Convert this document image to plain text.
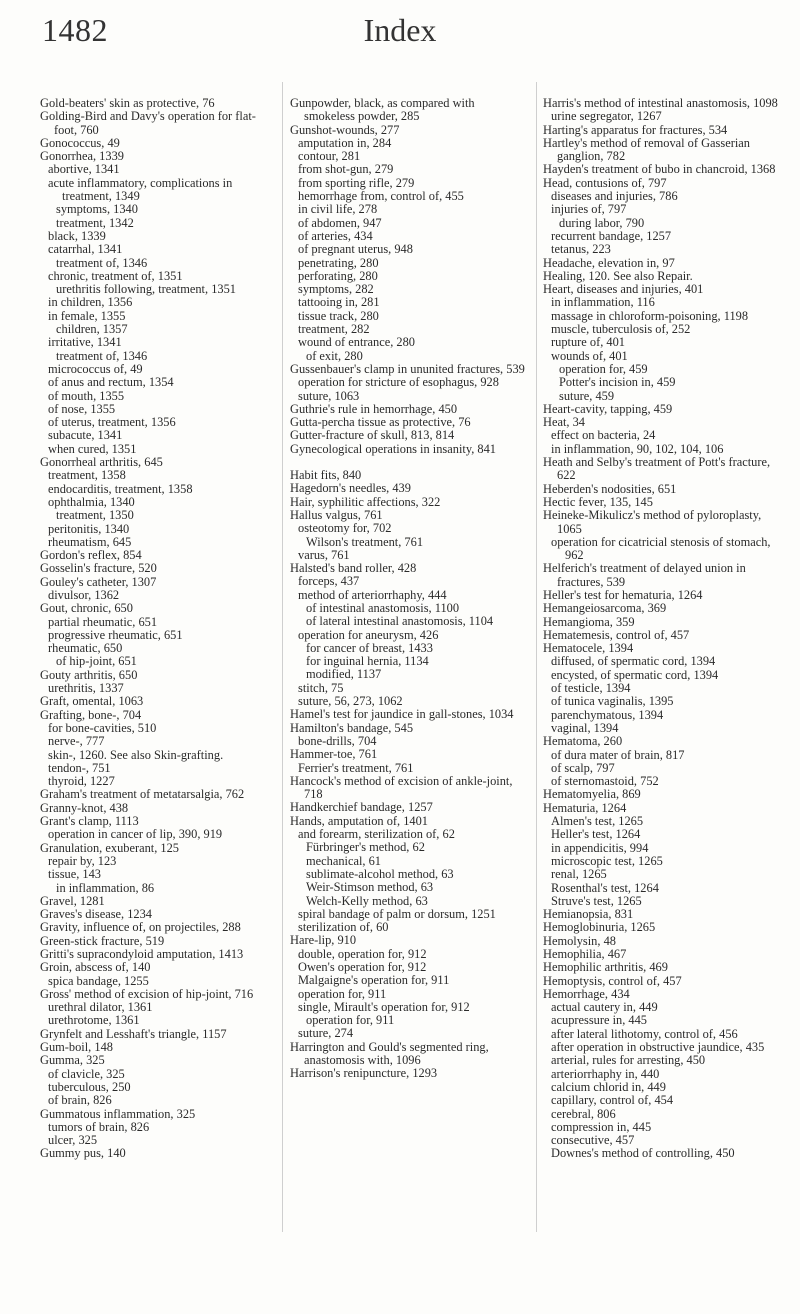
1482	Index

Gold-beaters' skin as protective, 76

Golding-Bird and Davy's operation for flat-foot, 760

Gonococcus, 49

Gonorrhea, 1339

abortive, 1341

acute inflammatory, complications in treatment, 1349

symptoms, 1340

treatment, 1342

black, 1339

catarrhal, 1341

treatment of, 1346

chronic, treatment of, 1351

urethritis following, treatment, 1351

in children, 1356

in female, 1355

children, 1357

irritative, 1341

treatment of, 1346

micrococcus of, 49

of anus and rectum, 1354

of mouth, 1355

of nose, 1355

of uterus, treatment, 1356

subacute, 1341

when cured, 1351

Gonorrheal arthritis, 645

treatment, 1358

endocarditis, treatment, 1358

ophthalmia, 1340

treatment, 1350

peritonitis, 1340

rheumatism, 645

Gordon's reflex, 854

Gosselin's fracture, 520

Gouley's catheter, 1307

divulsor, 1362

Gout, chronic, 650

partial rheumatic, 651

progressive rheumatic, 651

rheumatic, 650

of hip-joint, 651

Gouty arthritis, 650

urethritis, 1337

Graft, omental, 1063

Grafting, bone-, 704

for bone-cavities, 510

nerve-, 777

skin-, 1260. See also Skin-grafting.

tendon-, 751

thyroid, 1227

Graham's treatment of metatarsalgia, 762

Granny-knot, 438

Grant's clamp, 1113

operation in cancer of lip, 390, 919

Granulation, exuberant, 125

repair by, 123

tissue, 143

in inflammation, 86

Gravel, 1281

Graves's disease, 1234

Gravity, influence of, on projectiles, 288

Green-stick fracture, 519

Gritti's supracondyloid amputation, 1413

Groin, abscess of, 140

spica bandage, 1255

Gross' method of excision of hip-joint, 716

urethral dilator, 1361

urethrotome, 1361

Grynfelt and Lesshaft's triangle, 1157

Gum-boil, 148

Gumma, 325

of clavicle, 325

tuberculous, 250

of brain, 826

Gummatous inflammation, 325

tumors of brain, 826

ulcer, 325

Gummy pus, 140

Gunpowder, black, as compared with smokeless powder, 285

Gunshot-wounds, 277

amputation in, 284

contour, 281

from shot-gun, 279

from sporting rifle, 279

hemorrhage from, control of, 455

in civil life, 278

of abdomen, 947

of arteries, 434

of pregnant uterus, 948

penetrating, 280

perforating, 280

symptoms, 282

tattooing in, 281

tissue track, 280

treatment, 282

wound of entrance, 280

of exit, 280

Gussenbauer's clamp in ununited fractures, 539

operation for stricture of esophagus, 928

suture, 1063

Guthrie's rule in hemorrhage, 450

Gutta-percha tissue as protective, 76

Gutter-fracture of skull, 813, 814

Gynecological operations in insanity, 841

Habit fits, 840

Hagedorn's needles, 439

Hair, syphilitic affections, 322

Hallus valgus, 761

osteotomy for, 702

Wilson's treatment, 761

varus, 761

Halsted's band roller, 428

forceps, 437

method of arteriorrhaphy, 444

of intestinal anastomosis, 1100

of lateral intestinal anastomosis, 1104

operation for aneurysm, 426

for cancer of breast, 1433

for inguinal hernia, 1134

modified, 1137

stitch, 75

suture, 56, 273, 1062

Hamel's test for jaundice in gall-stones, 1034

Hamilton's bandage, 545

bone-drills, 704

Hammer-toe, 761

Ferrier's treatment, 761

Hancock's method of excision of ankle-joint, 718

Handkerchief bandage, 1257

Hands, amputation of, 1401

and forearm, sterilization of, 62

Fürbringer's method, 62

mechanical, 61

sublimate-alcohol method, 63

Weir-Stimson method, 63

Welch-Kelly method, 63

spiral bandage of palm or dorsum, 1251

sterilization of, 60

Hare-lip, 910

double, operation for, 912

Owen's operation for, 912

Malgaigne's operation for, 911

operation for, 911

single, Mirault's operation for, 912

operation for, 911

suture, 274

Harrington and Gould's segmented ring, anastomosis with, 1096

Harrison's renipuncture, 1293

Harris's method of intestinal anastomosis, 1098

urine segregator, 1267

Harting's apparatus for fractures, 534

Hartley's method of removal of Gasserian ganglion, 782

Hayden's treatment of bubo in chancroid, 1368

Head, contusions of, 797

diseases and injuries, 786

injuries of, 797

during labor, 790

recurrent bandage, 1257

tetanus, 223

Headache, elevation in, 97

Healing, 120. See also Repair.

Heart, diseases and injuries, 401

in inflammation, 116

massage in chloroform-poisoning, 1198

muscle, tuberculosis of, 252

rupture of, 401

wounds of, 401

operation for, 459

Potter's incision in, 459

suture, 459

Heart-cavity, tapping, 459

Heat, 34

effect on bacteria, 24

in inflammation, 90, 102, 104, 106

Heath and Selby's treatment of Pott's fracture, 622

Heberden's nodosities, 651

Hectic fever, 135, 145

Heineke-Mikulicz's method of pyloroplasty, 1065

operation for cicatricial stenosis of stomach, 962

Helferich's treatment of delayed union in fractures, 539

Heller's test for hematuria, 1264

Hemangeiosarcoma, 369

Hemangioma, 359

Hematemesis, control of, 457

Hematocele, 1394

diffused, of spermatic cord, 1394

encysted, of spermatic cord, 1394

of testicle, 1394

of tunica vaginalis, 1395

parenchymatous, 1394

vaginal, 1394

Hematoma, 260

of dura mater of brain, 817

of scalp, 797

of sternomastoid, 752

Hematomyelia, 869

Hematuria, 1264

Almen's test, 1265

Heller's test, 1264

in appendicitis, 994

microscopic test, 1265

renal, 1265

Rosenthal's test, 1264

Struve's test, 1265

Hemianopsia, 831

Hemoglobinuria, 1265

Hemolysin, 48

Hemophilia, 467

Hemophilic arthritis, 469

Hemoptysis, control of, 457

Hemorrhage, 434

actual cautery in, 449

acupressure in, 445

after lateral lithotomy, control of, 456

after operation in obstructive jaundice, 435

arterial, rules for arresting, 450

arteriorrhaphy in, 440

calcium chlorid in, 449

capillary, control of, 454

cerebral, 806

compression in, 445

consecutive, 457

Downes's method of controlling, 450
